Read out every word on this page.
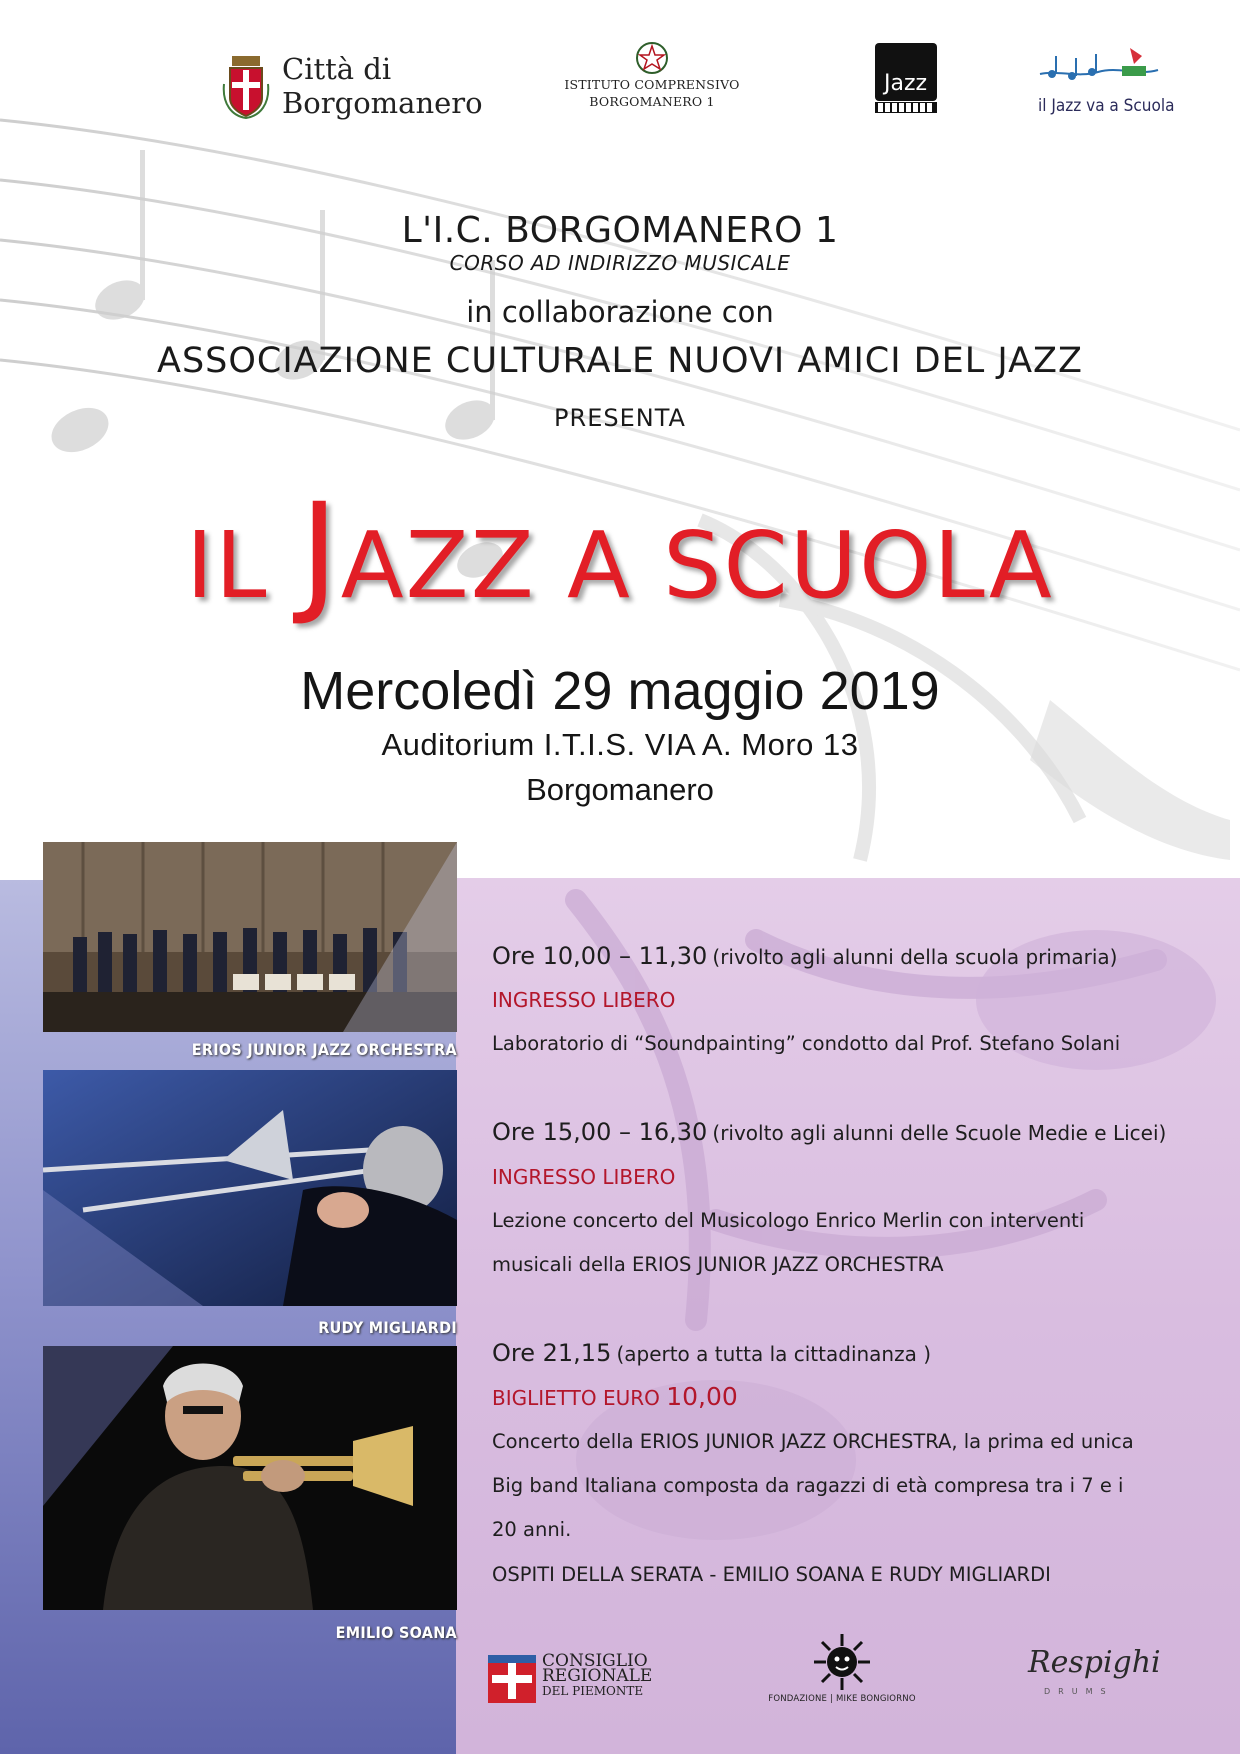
Città di
Borgomanero
ISTITUTO COMPRENSIVO
BORGOMANERO 1
Jazz
il Jazz va a Scuola
L'I.C. BORGOMANERO 1
CORSO AD INDIRIZZO MUSICALE
in collaborazione con
ASSOCIAZIONE CULTURALE NUOVI AMICI DEL JAZZ
PRESENTA
IL JAZZ A SCUOLA
Mercoledì 29 maggio 2019
Auditorium I.T.I.S. VIA A. Moro 13
Borgomanero
ERIOS JUNIOR JAZZ ORCHESTRA
RUDY MIGLIARDI
EMILIO SOANA
Ore 10,00 – 11,30 (rivolto agli alunni della scuola primaria)
INGRESSO LIBERO
Laboratorio di “Soundpainting” condotto dal Prof. Stefano Solani
Ore 15,00 – 16,30 (rivolto agli alunni delle Scuole Medie e Licei)
INGRESSO LIBERO
Lezione concerto del Musicologo Enrico Merlin con interventi
musicali della ERIOS JUNIOR JAZZ ORCHESTRA
Ore 21,15 (aperto a tutta la cittadinanza )
BIGLIETTO EURO 10,00
Concerto della ERIOS JUNIOR JAZZ ORCHESTRA, la prima ed unica
Big band Italiana composta da ragazzi di età compresa tra i 7 e i
20 anni.
OSPITI DELLA SERATA - EMILIO SOANA E RUDY MIGLIARDI
CONSIGLIO
REGIONALE
DEL PIEMONTE
FONDAZIONE | MIKE BONGIORNO
Respighi
DRUMS
